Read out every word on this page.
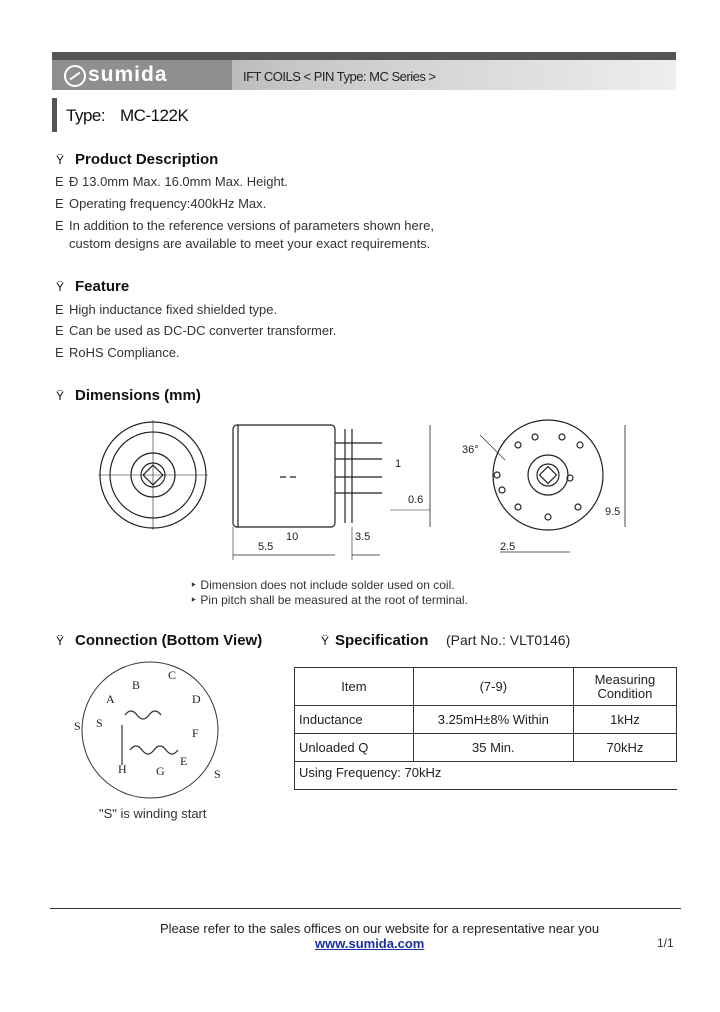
sumida	IFT COILS < PIN Type: MC Series >
Type: MC-122K
Ÿ Product Description
E Ð 13.0mm Max. 16.0mm Max. Height.
E Operating frequency:400kHz Max.
E In addition to the reference versions of parameters shown here,
custom designs are available to meet your exact requirements.
Ÿ Feature
E High inductance fixed shielded type.
E Can be used as DC-DC converter transformer.
E RoHS Compliance.
Ÿ Dimensions (mm)
5.5
10	3.5
1
0.6
36°
9.5
2.5
‣ Dimension does not include solder used on coil.
‣ Pin pitch shall be measured at the root of terminal.
Ÿ Connection (Bottom View)
A
B
C
D
E
F
G
H
S
S
S
"S" is winding start
Ÿ Specification (Part No.: VLT0146)
Item	(7-9)	Measuring Condition
Inductance	3.25mH±8% Within	1kHz
Unloaded Q	35 Min.	70kHz
Using Frequency: 70kHz		
Please refer to the sales offices on our website for a representative near you
www.sumida.com	1/1
